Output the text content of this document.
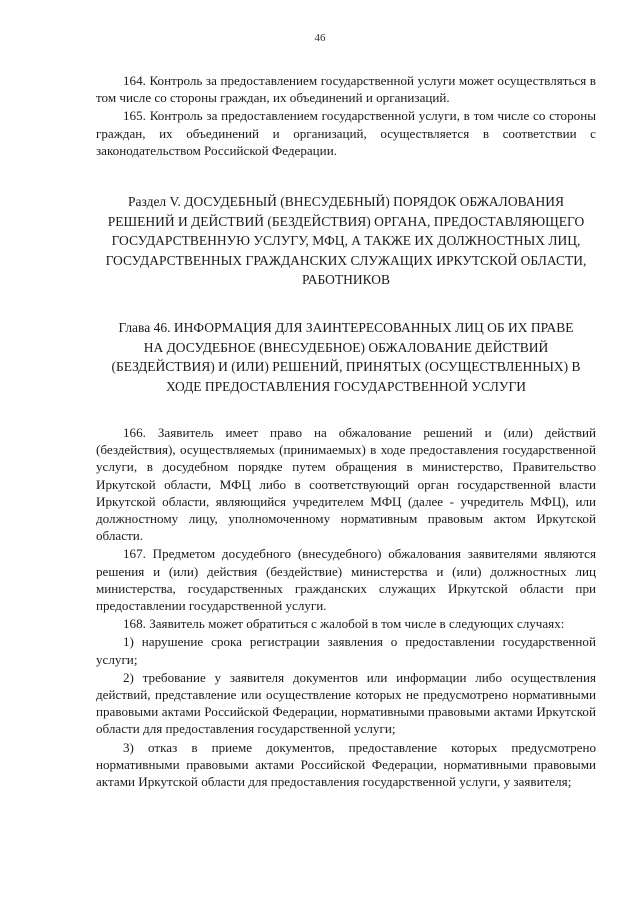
46

164. Контроль за предоставлением государственной услуги может осуществляться в том числе со стороны граждан, их объединений и организаций.

165. Контроль за предоставлением государственной услуги, в том числе со стороны граждан, их объединений и организаций, осуществляется в соответствии с законодательством Российской Федерации.

Раздел V. ДОСУДЕБНЫЙ (ВНЕСУДЕБНЫЙ) ПОРЯДОК ОБЖАЛОВАНИЯ РЕШЕНИЙ И ДЕЙСТВИЙ (БЕЗДЕЙСТВИЯ) ОРГАНА, ПРЕДОСТАВЛЯЮЩЕГО ГОСУДАРСТВЕННУЮ УСЛУГУ, МФЦ, А ТАКЖЕ ИХ ДОЛЖНОСТНЫХ ЛИЦ, ГОСУДАРСТВЕННЫХ ГРАЖДАНСКИХ СЛУЖАЩИХ ИРКУТСКОЙ ОБЛАСТИ, РАБОТНИКОВ

Глава 46. ИНФОРМАЦИЯ ДЛЯ ЗАИНТЕРЕСОВАННЫХ ЛИЦ ОБ ИХ ПРАВЕ НА ДОСУДЕБНОЕ (ВНЕСУДЕБНОЕ) ОБЖАЛОВАНИЕ ДЕЙСТВИЙ (БЕЗДЕЙСТВИЯ) И (ИЛИ) РЕШЕНИЙ, ПРИНЯТЫХ (ОСУЩЕСТВЛЕННЫХ) В ХОДЕ ПРЕДОСТАВЛЕНИЯ ГОСУДАРСТВЕННОЙ УСЛУГИ

166. Заявитель имеет право на обжалование решений и (или) действий (бездействия), осуществляемых (принимаемых) в ходе предоставления государственной услуги, в досудебном порядке путем обращения в министерство, Правительство Иркутской области, МФЦ либо в соответствующий орган государственной власти Иркутской области, являющийся учредителем МФЦ (далее - учредитель МФЦ), или должностному лицу, уполномоченному нормативным правовым актом Иркутской области.

167. Предметом досудебного (внесудебного) обжалования заявителями являются решения и (или) действия (бездействие) министерства и (или) должностных лиц министерства, государственных гражданских служащих Иркутской области при предоставлении государственной услуги.

168. Заявитель может обратиться с жалобой в том числе в следующих случаях:

1) нарушение срока регистрации заявления о предоставлении государственной услуги;

2) требование у заявителя документов или информации либо осуществления действий, представление или осуществление которых не предусмотрено нормативными правовыми актами Российской Федерации, нормативными правовыми актами Иркутской области для предоставления государственной услуги;

3) отказ в приеме документов, предоставление которых предусмотрено нормативными правовыми актами Российской Федерации, нормативными правовыми актами Иркутской области для предоставления государственной услуги, у заявителя;
